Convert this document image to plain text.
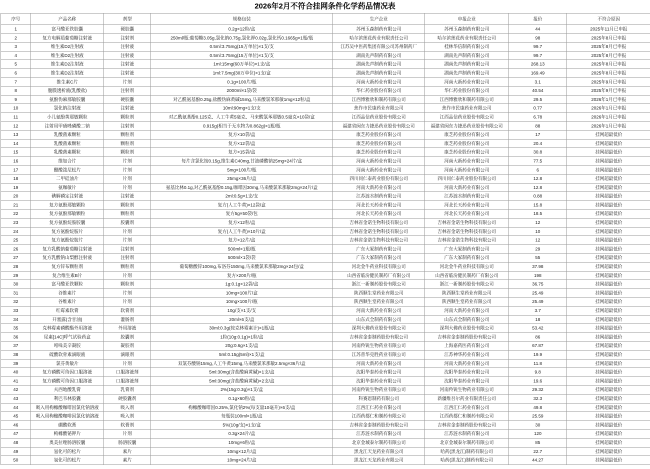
2026年2月不符合挂网条件化学药品情况表
序号	产品名称	剂型	规格包装	生产企业	申报企业	报价	不符合原因
1	富马酸亚铁胶囊	硬胶囊	0.2g×12粒/盒	苏州玉森制药有限公司	苏州玉森制药有限公司	44	2025年11月已申报
2	复方电解质葡萄糖注射液	注射剂	250ml/瓶:葡萄糖3.05g,氯化钠0.75g,氯化钾0.02g,氯化钙0.1665g×1瓶/瓶	哈尔滨莲花药业有限责任公司	哈尔滨莲花药业有限责任公司	98	2025年8月已申报
3	维生素D2注射液	注射液	0.5ml:3.75mg(15万单位)×1支/支	江苏吴中医药集团有限公司苏州制药厂	桂林华信制药有限公司	99.7	2025年8月已申报
4	维生素D2注射液	注射液	0.5ml:3.75mg(15万单位)×1支/支	湖南先声制药有限公司	湖南先声制药有限公司	99.7	2025年8月已申报
5	维生素D2注射液	注射液	1ml:15mg(60万单位)×1支/盒	湖南先声制药有限公司	湖南先声制药有限公司	268.13	2025年8月已申报
6	维生素D2注射液	注射液	1ml:7.5mg(30万单位)×1支/盒	湖南先声制药有限公司	湖南先声制药有限公司	169.49	2025年8月已申报
7	维生素C片	片剂	0.1g×100片/瓶	河南大新药业有限公司	河南大新药业有限公司	3.1	2025年9月已申报
8	腹膜透析液(乳酸盐)	注射剂	2000ml×1袋/袋	华仁药业股份有限公司	华仁药业股份有限公司	40.54	2025年9月已申报
9	氨酚伪麻那敏胶囊	硬胶囊	对乙酰氨基酚0.25g,盐酸伪麻黄碱15mg,马来酸氯苯那敏1mg×12粒/盒	江西博雅欣和制药有限公司	江西博雅欣和制药有限公司	29.5	2026年1月已申报
10	氯化钠注射液	注射液	10ml:90mg×1支/支	焦作市民康药业有限公司	焦作市民康药业有限公司	0.77	2026年1月已申报
11	小儿氨酚黄那敏颗粒	颗粒剂	对乙酰氨基酚0.125克、人工牛黄5毫克、马来酸氯苯那敏0.5毫克×10袋/盒	江西品信药业股份有限公司	江西品信药业股份有限公司	6.78	2026年1月已申报
12	注射用甲硝唑磷酸二钠	注射剂	0.915g(相当于无水物为0.862g)×1瓶/瓶	福建省闽东力捷迅药业股份有限公司	福建省闽东力捷迅药业股份有限公司	88	2026年1月已申报
13	乳酸菌素颗粒	颗粒剂	复方×10袋/盒	康芝药业股份有限公司	康芝药业股份有限公司	17	挂网超最低价
14	乳酸菌素颗粒	颗粒剂	复方×12袋/盒	康芝药业股份有限公司	康芝药业股份有限公司	20.4	挂网超最低价
15	乳酸菌素颗粒	颗粒剂	复方×15袋/盒	康芝药业股份有限公司	康芝药业股份有限公司	30.8	挂网超最低价
16	维加合片	片剂	每片含氯化铵0.15g,维生素C40mg,甘油磷酸钠25mg×24片/盒	河南大新药业有限公司	河南大新药业有限公司	77.5	挂网超最低价
17	醋酸泼尼松片	片剂	5mg×100片/瓶	河南大新药业有限公司	河南大新药业有限公司	6	挂网超最低价
18	二甲硅油片	片剂	25mg×36片/盒	四川同仁泰药业股份有限公司	四川同仁泰药业股份有限公司	12.8	挂网超最低价
19	氨咖敏片	片剂	氨基比林0.1g,对乙酰氨基酚0.15g,咖啡因30mg,马来酸氯苯那敏2mg×24片/盒	河南大新药业有限公司	河南大新药业有限公司	12.8	挂网超最低价
20	碘解磷定注射液	注射液	2ml:0.5g×1支/支	江苏涟水制药有限公司	江苏涟水制药有限公司	0.88	挂网超最低价
21	复方氨酚那敏颗粒	颗粒剂	复方(人工牛黄)×12袋/盒	河北长天药业有限公司	河北长天药业有限公司	15.8	挂网超最低价
22	复方氨酚那敏颗粒	颗粒剂	复方5g×50袋/包	河北长天药业有限公司	河北长天药业有限公司	18.5	挂网超最低价
23	复方氨酚烷胺胶囊	胶囊剂	复方×12粒/盒	吉林省金诺生物科技有限公司	吉林省金诺生物科技有限公司	12	挂网超最低价
24	复方氨酚烷胺片	片剂	复方(人工牛黄)×10片/盒	吉林省金诺生物科技有限公司	吉林省金诺生物科技有限公司	10	挂网超最低价
25	复方氨酚烷胺片	片剂	复方×12片/盒	吉林省金诺生物科技有限公司	吉林省金诺生物科技有限公司	12	挂网超最低价
26	复方乳酸钠葡萄糖注射液	注射剂	500ml×1瓶/瓶	广东大冢制药有限公司	广东大冢制药有限公司	29	挂网超最低价
27	复方乳酸钠山梨醇注射液	注射剂	500ml×1袋/袋	广东大冢制药有限公司	广东大冢制药有限公司	55	挂网超最低价
28	复方锌布颗粒剂	颗粒剂	葡萄糖酸锌100mg,布洛芬150mg,马来酸氯苯那敏2mg×24包/盒	河北金牛药业科技有限公司	河北金牛药业科技有限公司	37.98	挂网超最低价
29	复合维生素B片	片剂	复方×200片/瓶	山西省临汾健民制药厂有限公司	山西省临汾健民制药厂有限公司	198	挂网超最低价
30	富马酸亚铁颗粒	颗粒剂	1g:0.1g×12袋/盒	浙江一新制药股份有限公司	浙江一新制药股份有限公司	36.75	挂网超最低价
31	谷维素片	片剂	10mg×100片/盒	陕西顺生堂药业有限公司	陕西顺生堂药业有限公司	25.49	挂网超最低价
32	谷维素片	片剂	10mg×100片/瓶	陕西顺生堂药业有限公司	陕西顺生堂药业有限公司	25.49	挂网超最低价
33	红霉素软膏	软膏剂	10g/支×1支/支	河南大新药业有限公司	河南大新药业有限公司	3.7	挂网超最低价
34	开塞露(含甘油)	灌肠剂	20ml×6支/盒	山东式全制药有限公司	山东式全制药有限公司	18	挂网超最低价
35	克林霉素磷酸酯外用溶液	外用溶液	30ml:0.3g(按克林霉素计)×1瓶/盒	深圳大佛药业股份有限公司	深圳大佛药业股份有限公司	53.42	挂网超最低价
36	尿素[14C]呼气试验药盒	胶囊剂	1粒(10g:0.1g)×1粒/盒	吉林省金泰制药股份有限公司	吉林省金泰制药股份有限公司	86	挂网超最低价
37	吲哚美辛凝胶	凝胶剂	20g:0.6g×1支/盒	河南羚锐生物药业有限公司	上海嘉药医药有限公司	67.87	挂网超最低价
38	硫酸软骨素滴眼液	滴眼剂	5ml:0.15g(5ml)×1支/盒	江苏普华克胜药业有限公司	江苏神华药业有限公司	19.9	挂网超最低价
39	氯芬黄敏片	片剂	双氯芬酸钠15mg,人工牛黄15mg,马来酸氯苯那敏2.5mg×36片/盒	河南大新药业有限公司	河南大新药业有限公司	11.8	挂网超最低价
40	复方磷酸可待因口服溶液	口服溶液剂	5ml:30mg(含盐酸麻黄碱)×1支/盒	沈阳华泰药业有限公司	沈阳华泰药业有限公司	9.8	挂网超最低价
41	复方磷酸可待因口服溶液	口服溶液剂	5ml:30mg(含盐酸麻黄碱)×2支/盒	沈阳华泰药业有限公司	沈阳华泰药业有限公司	19.6	挂网超最低价
42	夫西地酸乳膏	乳膏剂	2%(15g:0.3g)×1支/盒	河南羚锐生物药业有限公司	河南羚锐生物药业有限公司	29.32	挂网超最低价
43	利巴韦林胶囊	硬胶囊剂	0.1g×60粒/盒	科赛恩制药有限公司	新疆维吾尔药业有限责任公司	32.3	挂网超最低价
44	吸入用枸橼酸咖啡因氯化钠溶液	吸入剂	枸橼酸咖啡因0.25%,氯化钠2%(每支量10毫升)×6支/盒	江西汇仁药业有限公司	江西汇仁药业有限公司	49.8	挂网超最低价
45	吸入用枸橼酸咖啡因氯化钠溶液	吸入剂	每瓶装100ml×1瓶/盒	江西药都仁和制药有限公司	江西药都仁和制药有限公司	25.59	挂网超最低价
46	硼酸软膏	软膏剂	5%(10g/支)×1支/盒	吉林省金泰制药股份有限公司	吉林省金泰制药股份有限公司	30	挂网超最低价
47	枸橼酸铋钾片	片剂	0.3g×24片/盒	江苏涟水制药有限公司	江苏涟水制药有限公司	120	挂网超最低价
48	奥美拉唑肠溶胶囊	肠溶胶囊	10mg×6粒/盒	北京金城泰尔制药有限公司	北京金城泰尔制药有限公司	85	挂网超最低价
49	氢化可的松片	素片	10mg×12片/盒	黑龙江天龙药业有限公司	哈药(黑龙江)制药有限公司	22.7	挂网超最低价
50	氢化可的松片	素片	10mg×24片/盒	黑龙江天龙药业有限公司	哈药(黑龙江)制药有限公司	44.27	挂网超最低价
